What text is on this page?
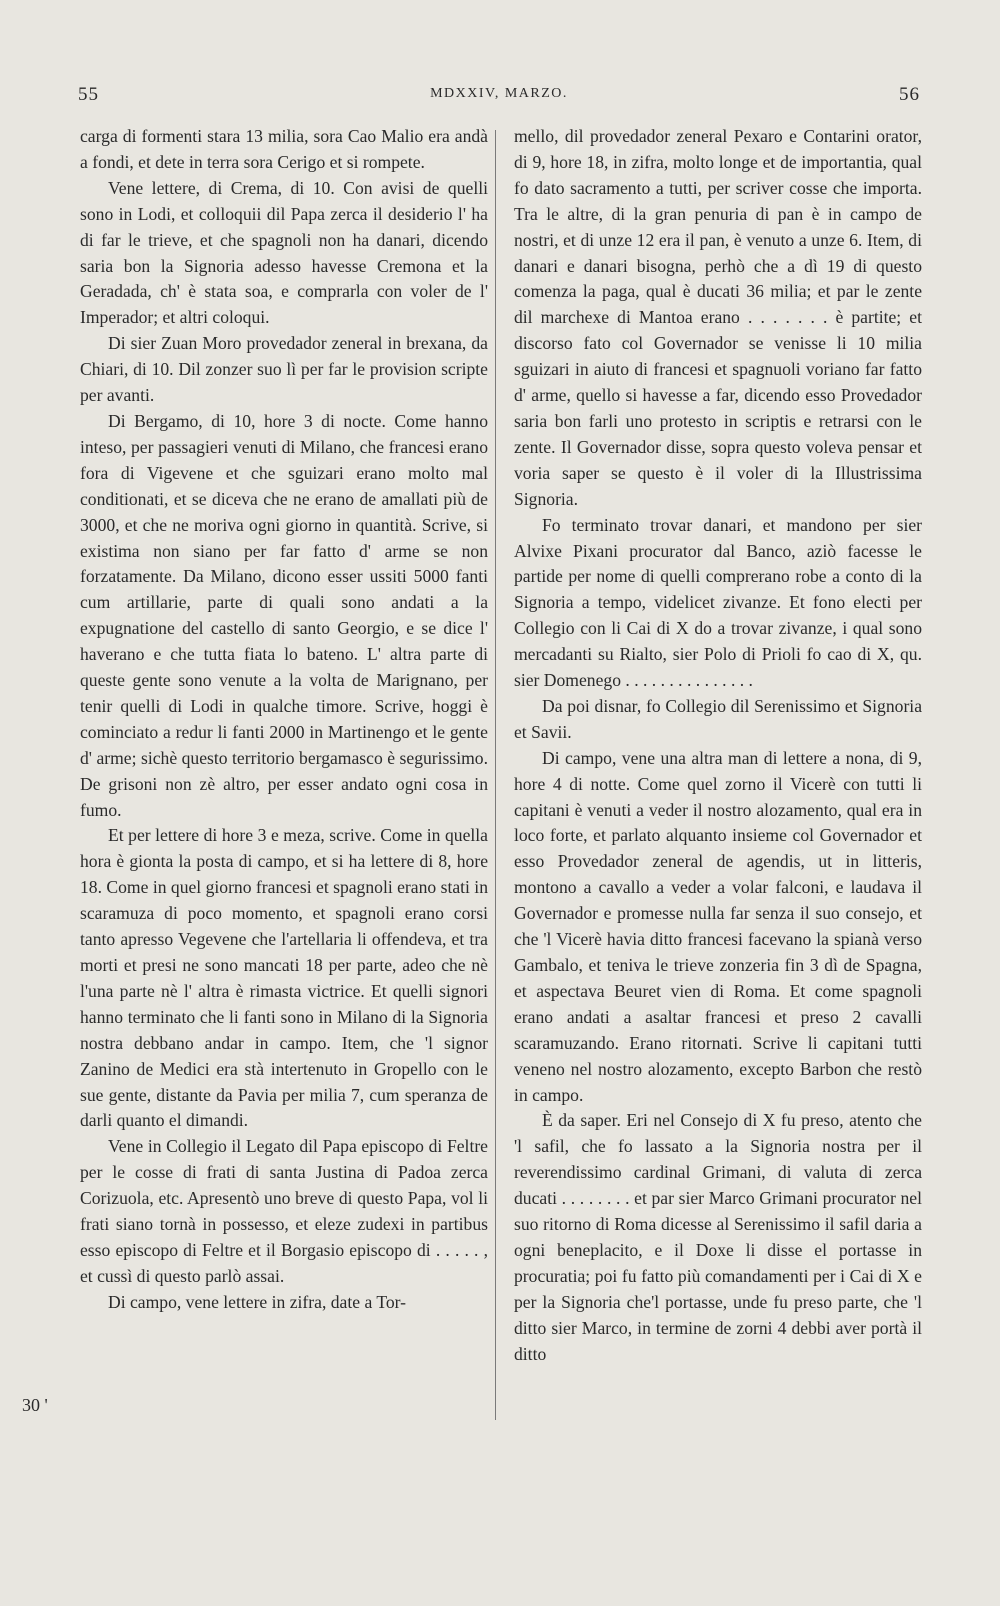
55	MDXXIV, MARZO.	56

carga di formenti stara 13 milia, sora Cao Malio era andà a fondi, et dete in terra sora Cerigo et si rompete.

Vene lettere, di Crema, di 10. Con avisi de quelli sono in Lodi, et colloquii dil Papa zerca il desiderio l' ha di far le trieve, et che spagnoli non ha danari, dicendo saria bon la Signoria adesso havesse Cremona et la Geradada, ch' è stata soa, e comprarla con voler de l' Imperador; et altri coloqui.

Di sier Zuan Moro provedador zeneral in brexana, da Chiari, di 10. Dil zonzer suo lì per far le provision scripte per avanti.

Di Bergamo, di 10, hore 3 di nocte. Come hanno inteso, per passagieri venuti di Milano, che francesi erano fora di Vigevene et che sguizari erano molto mal conditionati, et se diceva che ne erano de amallati più de 3000, et che ne moriva ogni giorno in quantità. Scrive, si existima non siano per far fatto d' arme se non forzatamente. Da Milano, dicono esser ussiti 5000 fanti cum artillarie, parte di quali sono andati a la expugnatione del castello di santo Georgio, e se dice l' haverano e che tutta fiata lo bateno. L' altra parte di queste gente sono venute a la volta de Marignano, per tenir quelli di Lodi in qualche timore. Scrive, hoggi è cominciato a redur li fanti 2000 in Martinengo et le gente d' arme; sichè questo territorio bergamasco è segurissimo. De grisoni non zè altro, per esser andato ogni cosa in fumo.

Et per lettere di hore 3 e meza, scrive. Come in quella hora è gionta la posta di campo, et si ha lettere di 8, hore 18. Come in quel giorno francesi et spagnoli erano stati in scaramuza di poco momento, et spagnoli erano corsi tanto apresso Vegevene che l'artellaria li offendeva, et tra morti et presi ne sono mancati 18 per parte, adeo che nè l'una parte nè l' altra è rimasta victrice. Et quelli signori hanno terminato che li fanti sono in Milano di la Signoria nostra debbano andar in campo. Item, che 'l signor Zanino de Medici era stà intertenuto in Gropello con le sue gente, distante da Pavia per milia 7, cum speranza de darli quanto el dimandi.

Vene in Collegio il Legato dil Papa episcopo di Feltre per le cosse di frati di santa Justina di Padoa zerca Corizuola, etc. Apresentò uno breve di questo Papa, vol li frati siano tornà in possesso, et eleze zudexi in partibus esso episcopo di Feltre et il Borgasio episcopo di . . . . . , et cussì di questo parlò assai.

Di campo, vene lettere in zifra, date a Tor-

mello, dil provedador zeneral Pexaro e Contarini orator, di 9, hore 18, in zifra, molto longe et de importantia, qual fo dato sacramento a tutti, per scriver cosse che importa. Tra le altre, di la gran penuria di pan è in campo de nostri, et di unze 12 era il pan, è venuto a unze 6. Item, di danari e danari bisogna, perhò che a dì 19 di questo comenza la paga, qual è ducati 36 milia; et par le zente dil marchexe di Mantoa erano . . . . . . . è partite; et discorso fato col Governador se venisse li 10 milia sguizari in aiuto di francesi et spagnuoli voriano far fatto d' arme, quello si havesse a far, dicendo esso Provedador saria bon farli uno protesto in scriptis e retrarsi con le zente. Il Governador disse, sopra questo voleva pensar et voria saper se questo è il voler di la Illustrissima Signoria.

Fo terminato trovar danari, et mandono per sier Alvixe Pixani procurator dal Banco, aziò facesse le partide per nome di quelli comprerano robe a conto di la Signoria a tempo, videlicet zivanze. Et fono electi per Collegio con li Cai di X do a trovar zivanze, i qual sono mercadanti su Rialto, sier Polo di Prioli fo cao di X, qu. sier Domenego . . . . . . . . . . . . . . .

Da poi disnar, fo Collegio dil Serenissimo et Signoria et Savii.

Di campo, vene una altra man di lettere a nona, di 9, hore 4 di notte. Come quel zorno il Vicerè con tutti li capitani è venuti a veder il nostro alozamento, qual era in loco forte, et parlato alquanto insieme col Governador et esso Provedador zeneral de agendis, ut in litteris, montono a cavallo a veder a volar falconi, e laudava il Governador e promesse nulla far senza il suo consejo, et che 'l Vicerè havia ditto francesi facevano la spianà verso Gambalo, et teniva le trieve zonzeria fin 3 dì de Spagna, et aspectava Beuret vien di Roma. Et come spagnoli erano andati a asaltar francesi et preso 2 cavalli scaramuzando. Erano ritornati. Scrive li capitani tutti veneno nel nostro alozamento, excepto Barbon che restò in campo.

È da saper. Eri nel Consejo di X fu preso, atento che 'l safil, che fo lassato a la Signoria nostra per il reverendissimo cardinal Grimani, di valuta di zerca ducati . . . . . . . . et par sier Marco Grimani procurator nel suo ritorno di Roma dicesse al Serenissimo il safil daria a ogni beneplacito, e il Doxe li disse el portasse in procuratia; poi fu fatto più comandamenti per i Cai di X e per la Signoria che'l portasse, unde fu preso parte, che 'l ditto sier Marco, in termine de zorni 4 debbi aver portà il ditto

30 '
